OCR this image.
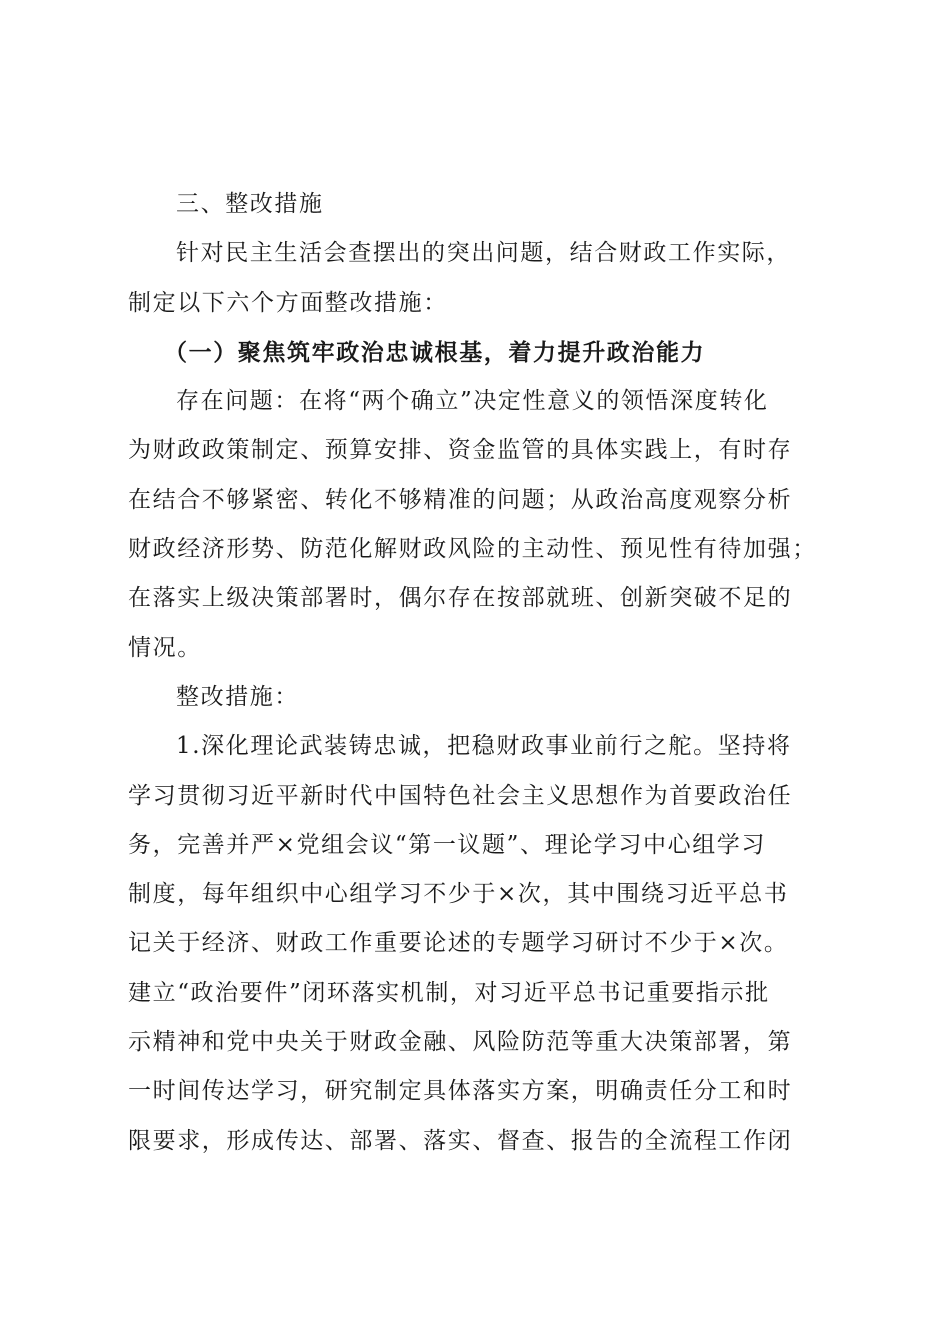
三、整改措施
针对民主生活会查摆出的突出问题，结合财政工作实际，
制定以下六个方面整改措施：
（一）聚焦筑牢政治忠诚根基，着力提升政治能力
存在问题：在将“两个确立”决定性意义的领悟深度转化
为财政政策制定、预算安排、资金监管的具体实践上，有时存
在结合不够紧密、转化不够精准的问题；从政治高度观察分析
财政经济形势、防范化解财政风险的主动性、预见性有待加强；
在落实上级决策部署时，偶尔存在按部就班、创新突破不足的
情况。
整改措施：
1.深化理论武装铸忠诚，把稳财政事业前行之舵。坚持将
学习贯彻习近平新时代中国特色社会主义思想作为首要政治任
务，完善并严×党组会议“第一议题”、理论学习中心组学习
制度，每年组织中心组学习不少于×次，其中围绕习近平总书
记关于经济、财政工作重要论述的专题学习研讨不少于×次。
建立“政治要件”闭环落实机制，对习近平总书记重要指示批
示精神和党中央关于财政金融、风险防范等重大决策部署，第
一时间传达学习，研究制定具体落实方案，明确责任分工和时
限要求，形成传达、部署、落实、督查、报告的全流程工作闭
